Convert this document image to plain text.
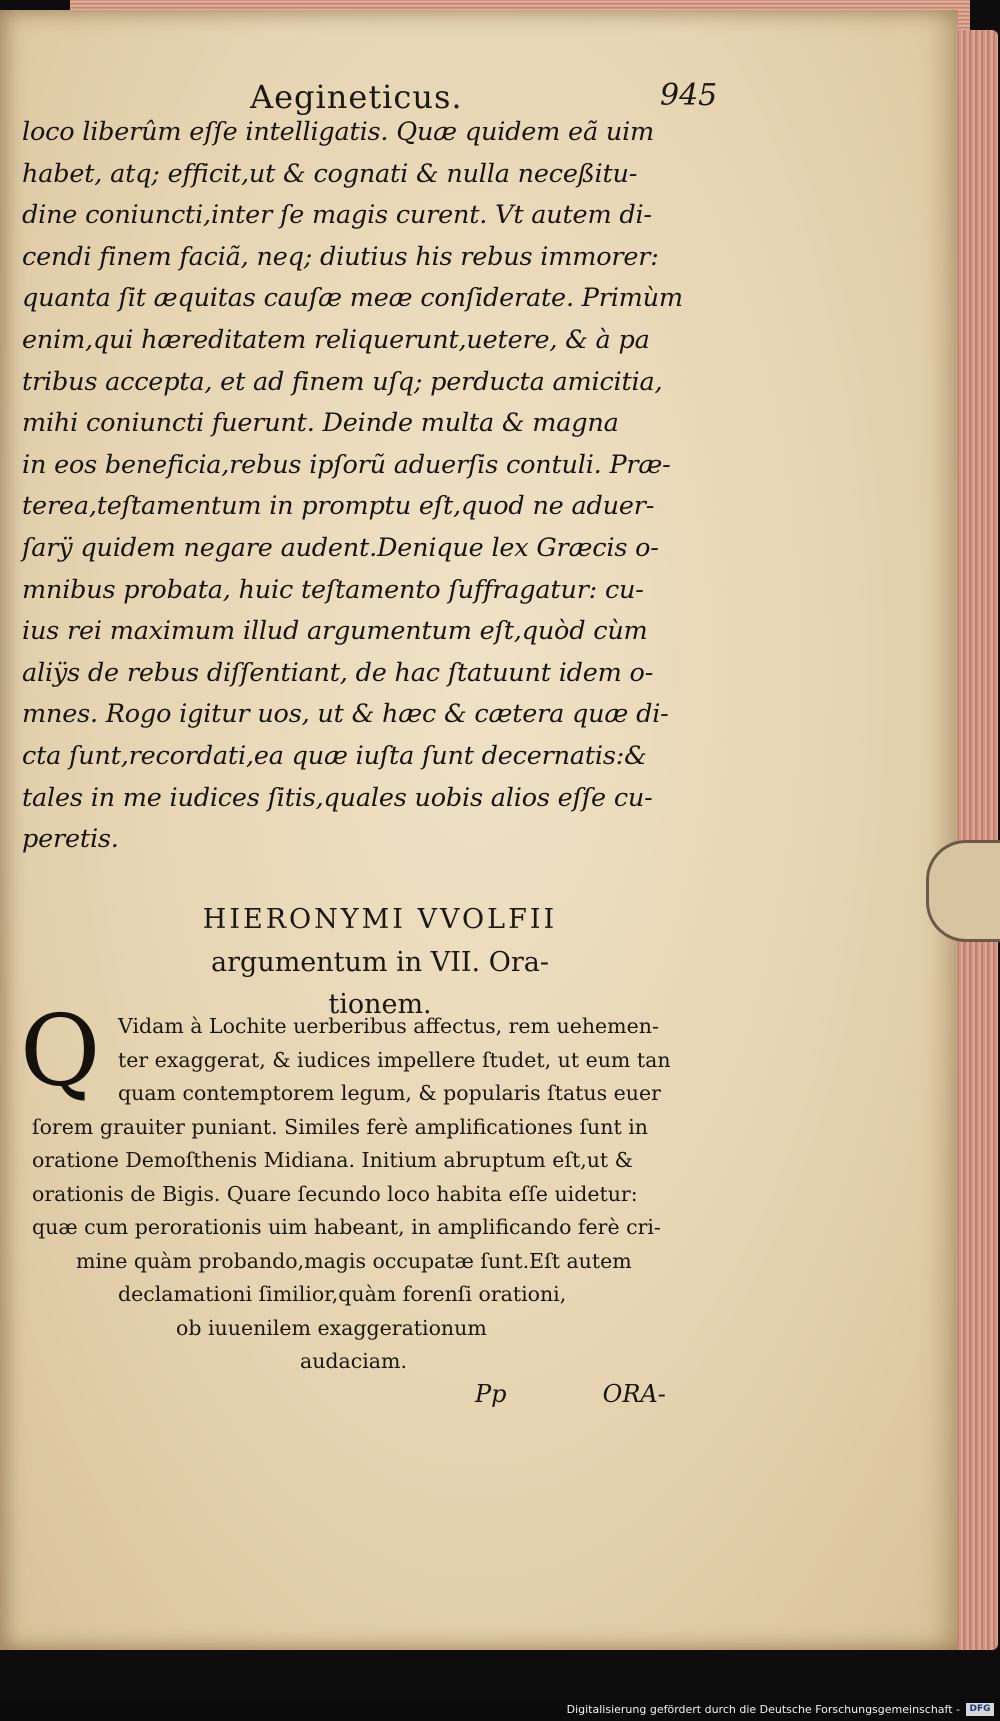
Aegineticus.	945
loco liberûm eſſe intelligatis. Quæ quidem eã uim
habet, atq; efficit,ut & cognati & nulla neceßitu-
dine coniuncti,inter ſe magis curent. Vt autem di-
cendi finem faciã, neq; diutius his rebus immorer:
quanta ſit æquitas cauſæ meæ conſiderate. Primùm
enim,qui hæreditatem reliquerunt,uetere, & à pa
tribus accepta, et ad finem uſq; perducta amicitia,
mihi coniuncti fuerunt. Deinde multa & magna
in eos beneficia,rebus ipſorũ aduerſis contuli. Præ-
terea,teſtamentum in promptu eſt,quod ne aduer-
ſarÿ quidem negare audent.Denique lex Græcis o-
mnibus probata, huic teſtamento ſuffragatur: cu-
ius rei maximum illud argumentum eſt,quòd cùm
aliÿs de rebus diſſentiant, de hac ſtatuunt idem o-
mnes. Rogo igitur uos, ut & hæc & cætera quæ di-
cta ſunt,recordati,ea quæ iuſta ſunt decernatis:&
tales in me iudices ſitis,quales uobis alios eſſe cu-
peretis.
HIERONYMI VVOLFII
argumentum in VII. Ora-
tionem.
Q Vidam à Lochite uerberibus affectus, rem uehemen-
ter exaggerat, & iudices impellere ſtudet, ut eum tan
quam contemptorem legum, & popularis ſtatus euer
ſorem grauiter puniant. Similes ferè amplificationes ſunt in
oratione Demoſthenis Midiana. Initium abruptum eſt,ut &
orationis de Bigis. Quare ſecundo loco habita eſſe uidetur:
quæ cum perorationis uim habeant, in amplificando ferè cri-
mine quàm probando,magis occupatæ ſunt.Eſt autem
declamationi ſimilior,quàm forenſi orationi,
ob iuuenilem exaggerationum
audaciam.
Pp	ORA-
Digitalisierung gefördert durch die Deutsche Forschungsgemeinschaft -	DFG
